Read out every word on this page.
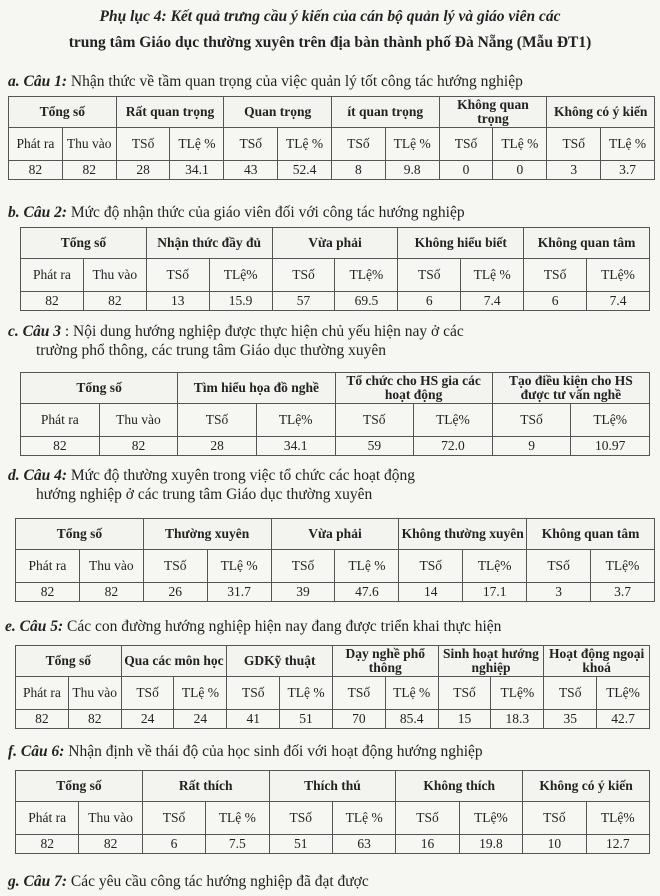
Phụ lục 4: Kết quả trưng cầu ý kiến của cán bộ quản lý và giáo viên các
trung tâm Giáo dục thường xuyên trên địa bàn thành phố Đà Nẵng (Mẫu ĐT1)
a. Câu 1: Nhận thức về tầm quan trọng của việc quản lý tốt công tác hướng nghiệp
Tổng số		Rất quan trọng		Quan trọng		ít quan trọng		Không quan trọng		Không có ý kiến	
Phát ra	Thu vào	TSố	TLệ %	TSố	TLệ %	TSố	TLệ %	TSố	TLệ %	TSố	TLệ %
82	82	28	34.1	43	52.4	8	9.8	0	0	3	3.7
b. Câu 2: Mức độ nhận thức của giáo viên đối với công tác hướng nghiệp
Tổng số		Nhận thức đầy đủ		Vừa phải		Không hiểu biết		Không quan tâm	
Phát ra	Thu vào	TSố	TLệ%	TSố	TLệ%	TSố	TLệ %	TSố	TLệ%
82	82	13	15.9	57	69.5	6	7.4	6	7.4
c. Câu 3 : Nội dung hướng nghiệp được thực hiện chủ yếu hiện nay ở các
trường phổ thông, các trung tâm Giáo dục thường xuyên
Tổng số		Tìm hiểu họa đồ nghề		Tổ chức cho HS gia các hoạt động		Tạo điều kiện cho HS được tư vấn nghề	
Phát ra	Thu vào	TSố	TLệ%	TSố	TLệ%	TSố	TLệ%
82	82	28	34.1	59	72.0	9	10.97
d. Câu 4: Mức độ thường xuyên trong việc tổ chức các hoạt động
hướng nghiệp ở các trung tâm Giáo dục thường xuyên
Tổng số		Thường xuyên		Vừa phải		Không thường xuyên		Không quan tâm	
Phát ra	Thu vào	TSố	TLệ %	TSố	TLệ %	TSố	TLệ%	TSố	TLệ%
82	82	26	31.7	39	47.6	14	17.1	3	3.7
e. Câu 5: Các con đường hướng nghiệp hiện nay đang được triển khai thực hiện
Tổng số		Qua các môn học		GDKỹ thuật		Dạy nghề phổ thông		Sinh hoạt hướng nghiệp		Hoạt động ngoại khoá	
Phát ra	Thu vào	TSố	TLệ %	TSố	TLệ %	TSố	TLệ %	TSố	TLệ%	TSố	TLệ%
82	82	24	24	41	51	70	85.4	15	18.3	35	42.7
f. Câu 6: Nhận định về thái độ của học sinh đối với hoạt động hướng nghiệp
Tổng số		Rất thích		Thích thú		Không thích		Không có ý kiến	
Phát ra	Thu vào	TSố	TLệ %	TSố	TLệ %	TSố	TLệ%	TSố	TLệ%
82	82	6	7.5	51	63	16	19.8	10	12.7
g. Câu 7: Các yêu cầu công tác hướng nghiệp đã đạt được
